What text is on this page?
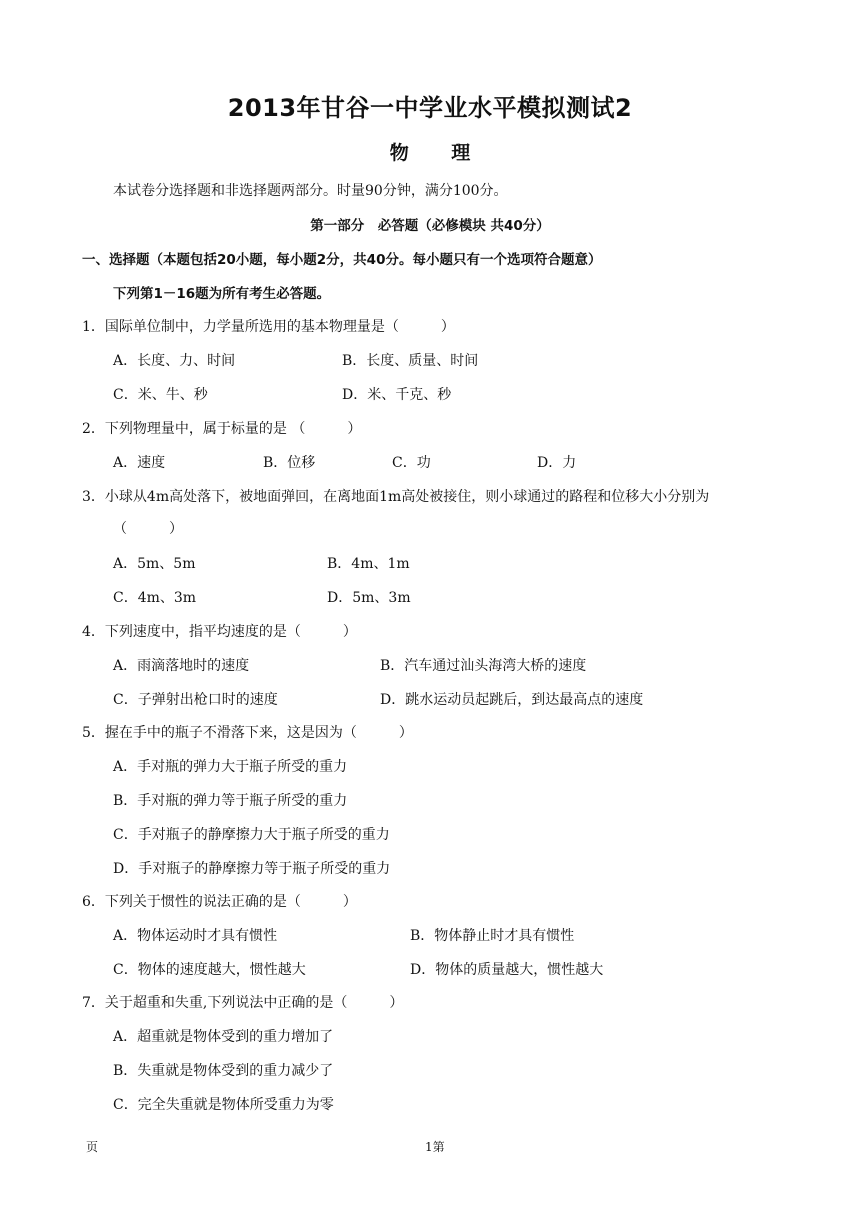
2013年甘谷一中学业水平模拟测试2
物 理
本试卷分选择题和非选择题两部分。时量90分钟，满分100分。
第一部分　必答题（必修模块 共40分）
一、选择题（本题包括20小题，每小题2分，共40分。每小题只有一个选项符合题意）
下列第1－16题为所有考生必答题。
1．国际单位制中，力学量所选用的基本物理量是（　　　）
A．长度、力、时间	B．长度、质量、时间
C．米、牛、秒	D．米、千克、秒
2．下列物理量中，属于标量的是 （　　　）
A．速度	B．位移	C．功	D．力
3．小球从4m高处落下，被地面弹回，在离地面1m高处被接住，则小球通过的路程和位移大小分别为
（　　　）
A．5m、5m	B．4m、1m
C．4m、3m	D．5m、3m
4．下列速度中，指平均速度的是（　　　）
A．雨滴落地时的速度	B．汽车通过汕头海湾大桥的速度
C．子弹射出枪口时的速度	D．跳水运动员起跳后，到达最高点的速度
5．握在手中的瓶子不滑落下来，这是因为（　　　）
A．手对瓶的弹力大于瓶子所受的重力
B．手对瓶的弹力等于瓶子所受的重力
C．手对瓶子的静摩擦力大于瓶子所受的重力
D．手对瓶子的静摩擦力等于瓶子所受的重力
6．下列关于惯性的说法正确的是（　　　）
A．物体运动时才具有惯性	B．物体静止时才具有惯性
C．物体的速度越大，惯性越大	D．物体的质量越大，惯性越大
7．关于超重和失重,下列说法中正确的是（　　　）
A．超重就是物体受到的重力增加了
B．失重就是物体受到的重力减少了
C．完全失重就是物体所受重力为零
页	1第
